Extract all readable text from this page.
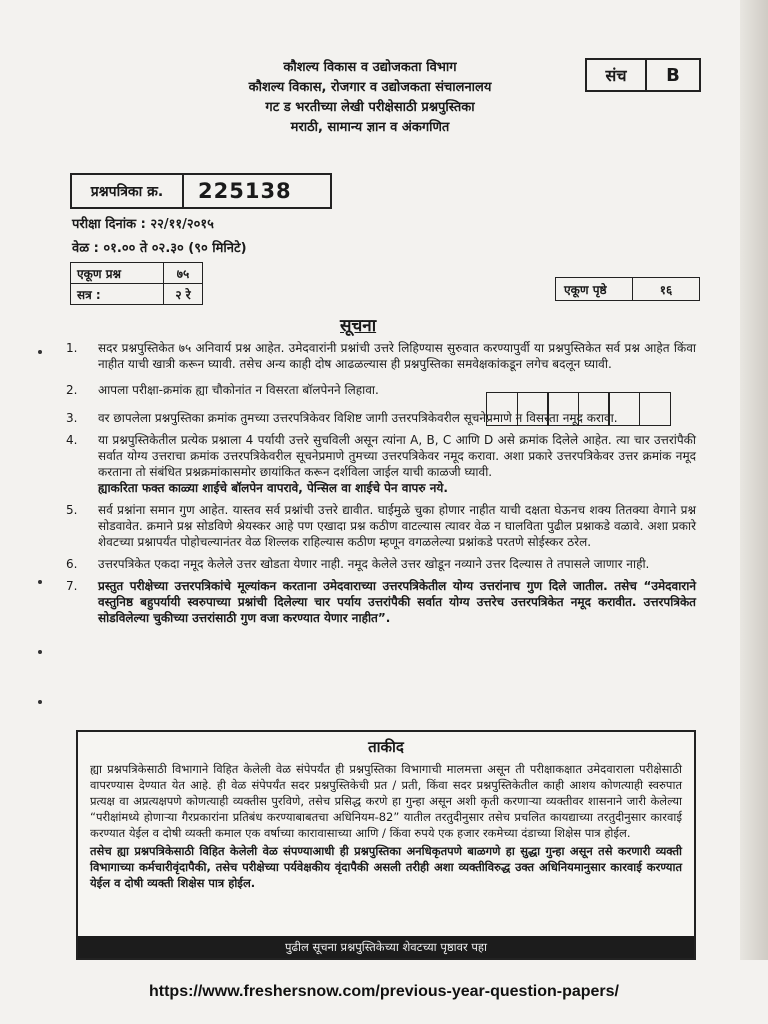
कौशल्य विकास व उद्योजकता विभाग
कौशल्य विकास, रोजगार व उद्योजकता संचालनालय
गट ड भरतीच्या लेखी परीक्षेसाठी प्रश्नपुस्तिका
मराठी, सामान्य ज्ञान व अंकगणित
संच	B
प्रश्नपत्रिका क्र.	225138
परीक्षा दिनांक : २२/११/२०१५
वेळ : ०१.०० ते ०२.३० (९० मिनिटे)
एकूण प्रश्न	७५
सत्र :	२ रे	एकूण पृष्ठे	१६
सूचना
1.	सदर प्रश्नपुस्तिकेत ७५ अनिवार्य प्रश्न आहेत. उमेदवारांनी प्रश्नांची उत्तरे लिहिण्यास सुरुवात करण्यापुर्वी या प्रश्नपुस्तिकेत सर्व प्रश्न आहेत किंवा नाहीत याची खात्री करून घ्यावी. तसेच अन्य काही दोष आढळल्यास ही प्रश्नपुस्तिका समवेक्षकांकडून लगेच बदलून घ्यावी.
2.	आपला परीक्षा-क्रमांक ह्या चौकोनांत न विसरता बॉलपेनने लिहावा.
3.	वर छापलेला प्रश्नपुस्तिका क्रमांक तुमच्या उत्तरपत्रिकेवर विशिष्ट जागी उत्तरपत्रिकेवरील सूचनेप्रमाणे न विसरता नमूद करावा.
4.	या प्रश्नपुस्तिकेतील प्रत्येक प्रश्नाला 4 पर्यायी उत्तरे सुचविली असून त्यांना A, B, C आणि D असे क्रमांक दिलेले आहेत. त्या चार उत्तरांपैकी सर्वात योग्य उत्तराचा क्रमांक उत्तरपत्रिकेवरील सूचनेप्रमाणे तुमच्या उत्तरपत्रिकेवर नमूद करावा. अशा प्रकारे उत्तरपत्रिकेवर उत्तर क्रमांक नमूद करताना तो संबंधित प्रश्नक्रमांकासमोर छायांकित करून दर्शविला जाईल याची काळजी घ्यावी.
ह्याकरिता फक्त काळ्या शाईचे बॉलपेन वापरावे, पेन्सिल वा शाईचे पेन वापरु नये.
5.	सर्व प्रश्नांना समान गुण आहेत. यास्तव सर्व प्रश्नांची उत्तरे द्यावीत. घाईमुळे चुका होणार नाहीत याची दक्षता घेऊनच शक्य तितक्या वेगाने प्रश्न सोडवावेत. क्रमाने प्रश्न सोडविणे श्रेयस्कर आहे पण एखादा प्रश्न कठीण वाटल्यास त्यावर वेळ न घालविता पुढील प्रश्नाकडे वळावे. अशा प्रकारे शेवटच्या प्रश्नापर्यंत पोहोचल्यानंतर वेळ शिल्लक राहिल्यास कठीण म्हणून वगळलेल्या प्रश्नांकडे परतणे सोईस्कर ठरेल.
6.	उत्तरपत्रिकेत एकदा नमूद केलेले उत्तर खोडता येणार नाही. नमूद केलेले उत्तर खोडून नव्याने उत्तर दिल्यास ते तपासले जाणार नाही.
7.	प्रस्तुत परीक्षेच्या उत्तरपत्रिकांचे मूल्यांकन करताना उमेदवाराच्या उत्तरपत्रिकेतील योग्य उत्तरांनाच गुण दिले जातील. तसेच “उमेदवाराने वस्तुनिष्ठ बहुपर्यायी स्वरुपाच्या प्रश्नांची दिलेल्या चार पर्याय उत्तरांपैकी सर्वात योग्य उत्तरेच उत्तरपत्रिकेत नमूद करावीत. उत्तरपत्रिकेत सोडविलेल्या चुकीच्या उत्तरांसाठी गुण वजा करण्यात येणार नाहीत”.
ताकीद

ह्या प्रश्नपत्रिकेसाठी विभागाने विहित केलेली वेळ संपेपर्यंत ही प्रश्नपुस्तिका विभागाची मालमत्ता असून ती परीक्षाकक्षात उमेदवाराला परीक्षेसाठी वापरण्यास देण्यात येत आहे. ही वेळ संपेपर्यंत सदर प्रश्नपुस्तिकेची प्रत / प्रती, किंवा सदर प्रश्नपुस्तिकेतील काही आशय कोणत्याही स्वरुपात प्रत्यक्ष वा अप्रत्यक्षपणे कोणत्याही व्यक्तीस पुरविणे, तसेच प्रसिद्ध करणे हा गुन्हा असून अशी कृती करणाऱ्या व्यक्तीवर शासनाने जारी केलेल्या “परीक्षांमध्ये होणाऱ्या गैरप्रकारांना प्रतिबंध करण्याबाबतचा अधिनियम-82” यातील तरतुदीनुसार तसेच प्रचलित कायद्याच्या तरतुदीनुसार कारवाई करण्यात येईल व दोषी व्यक्ती कमाल एक वर्षाच्या कारावासाच्या आणि / किंवा रुपये एक हजार रकमेच्या दंडाच्या शिक्षेस पात्र होईल.

तसेच ह्या प्रश्नपत्रिकेसाठी विहित केलेली वेळ संपण्याआधी ही प्रश्नपुस्तिका अनधिकृतपणे बाळगणे हा सुद्धा गुन्हा असून तसे करणारी व्यक्ती विभागाच्या कर्मचारीवृंदापैकी, तसेच परीक्षेच्या पर्यवेक्षकीय वृंदापैकी असली तरीही अशा व्यक्तीविरुद्ध उक्त अधिनियमानुसार कारवाई करण्यात येईल व दोषी व्यक्ती शिक्षेस पात्र होईल.

पुढील सूचना प्रश्नपुस्तिकेच्या शेवटच्या पृष्ठावर पहा
https://www.freshersnow.com/previous-year-question-papers/
